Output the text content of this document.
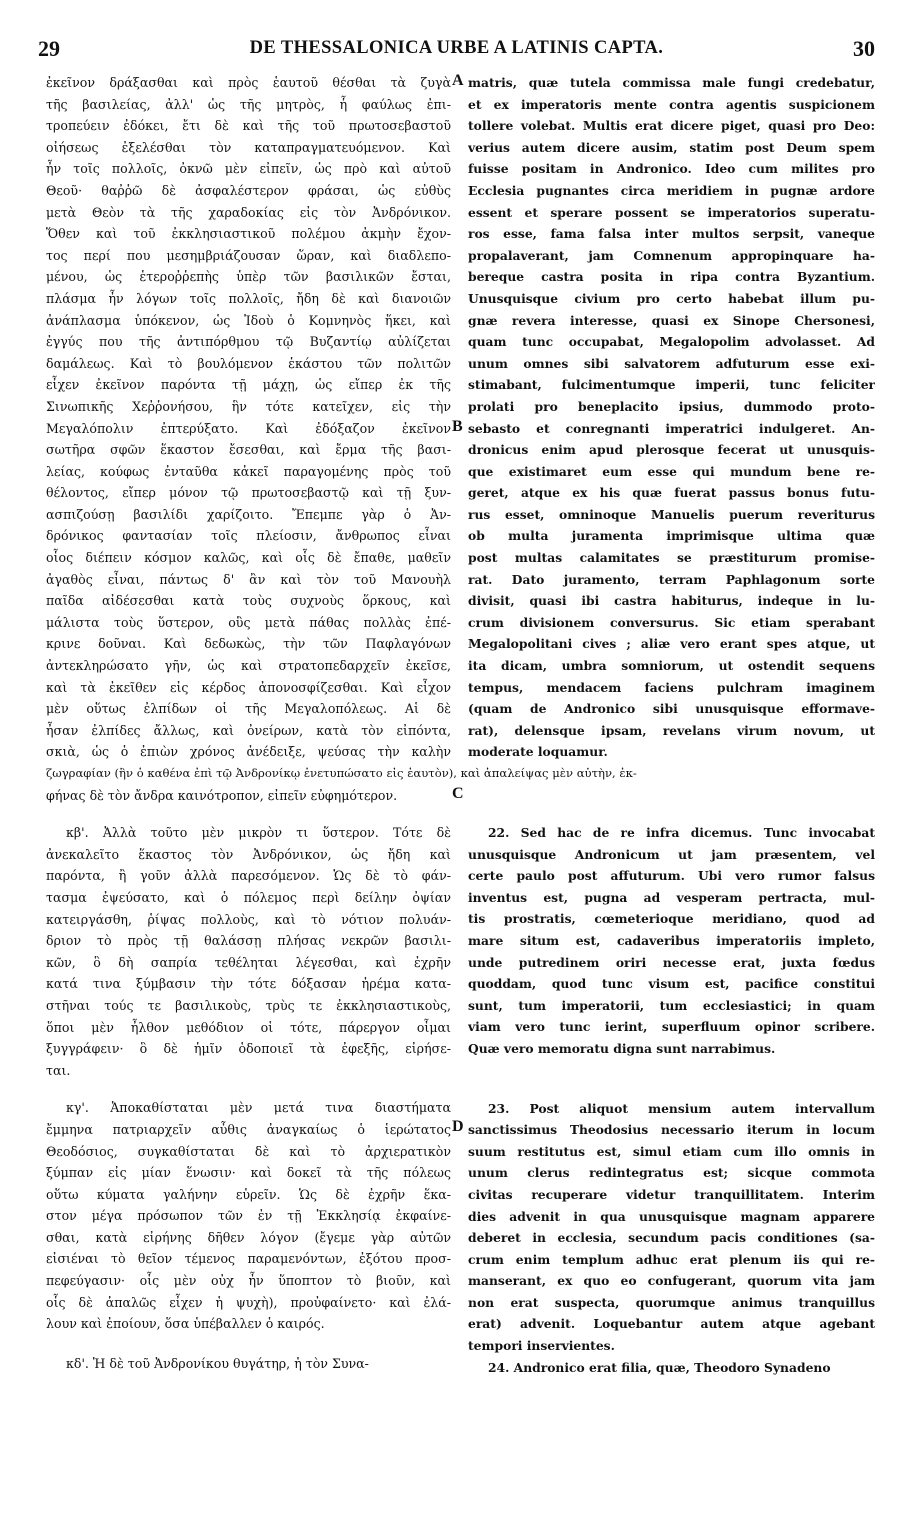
29	DE THESSALONICA URBE A LATINIS CAPTA.	30
ἐκεῖνον δράξασθαι καὶ πρὸς ἑαυτοῦ θέσθαι τὰ ζυγὰ
τῆς βασιλείας, ἀλλ' ὡς τῆς μητρὸς, ἧ φαύλως ἐπι-
τροπεύειν ἐδόκει, ἔτι δὲ καὶ τῆς τοῦ πρωτοσεβαστοῦ
οἰήσεως ἐξελέσθαι τὸν καταπραγματευόμενον. Καὶ
ἦν τοῖς πολλοῖς, ὀκνῶ μὲν εἰπεῖν, ὡς πρὸ καὶ αὐτοῦ
Θεοῦ· θαῤῥῶ δὲ ἀσφαλέστερον φράσαι, ὡς εὐθὺς
μετὰ Θεὸν τὰ τῆς χαραδοκίας εἰς τὸν Ἀνδρόνικον.
Ὅθεν καὶ τοῦ ἐκκλησιαστικοῦ πολέμου ἀκμὴν ἔχον-
τος περί που μεσημβριάζουσαν ὥραν, καὶ διαδλεπο-
μένου, ὡς ἑτεροῤῥεπὴς ὑπὲρ τῶν βασιλικῶν ἔσται,
πλάσμα ἦν λόγων τοῖς πολλοῖς, ἤδη δὲ καὶ διανοιῶν
ἀνάπλασμα ὑπόκενον, ὡς Ἰδοὺ ὁ Κομνηνὸς ἥκει, καὶ
ἐγγύς που τῆς ἀντιπόρθμου τῷ Βυζαντίῳ αὐλίζεται
δαμάλεως. Καὶ τὸ βουλόμενον ἑκάστου τῶν πολιτῶν
εἶχεν ἐκεῖνον παρόντα τῇ μάχῃ, ὡς εἴπερ ἐκ τῆς
Σινωπικῆς Χεῤῥονήσου, ἣν τότε κατεῖχεν, εἰς τὴν
Μεγαλόπολιν ἐπτερύξατο. Καὶ ἐδόξαζον ἐκεῖνον
σωτῆρα σφῶν ἕκαστον ἔσεσθαι, καὶ ἔρμα τῆς βασι-
λείας, κούφως ἐνταῦθα κἀκεῖ παραγομένης πρὸς τοῦ
θέλοντος, εἴπερ μόνον τῷ πρωτοσεβαστῷ καὶ τῇ ξυν-
ασπιζούσῃ βασιλίδι χαρίζοιτο. Ἔπεμπε γὰρ ὁ Ἀν-
δρόνικος φαντασίαν τοῖς πλείοσιν, ἄνθρωπος εἶναι
οἷος διέπειν κόσμον καλῶς, καὶ οἷς δὲ ἔπαθε, μαθεῖν
ἀγαθὸς εἶναι, πάντως δ' ἂν καὶ τὸν τοῦ Μανουὴλ
παῖδα αἰδέσεσθαι κατὰ τοὺς συχνοὺς ὅρκους, καὶ
μάλιστα τοὺς ὕστερον, οὓς μετὰ πάθας πολλὰς ἐπέ-
κρινε δοῦναι. Καὶ δεδωκὼς, τὴν τῶν Παφλαγόνων
ἀντεκληρώσατο γῆν, ὡς καὶ στρατοπεδαρχεῖν ἐκεῖσε,
καὶ τὰ ἐκεῖθεν εἰς κέρδος ἀπονοσφίζεσθαι. Καὶ εἶχον
μὲν οὕτως ἐλπίδων οἱ τῆς Μεγαλοπόλεως. Αἱ δὲ
ἦσαν ἐλπίδες ἄλλως, καὶ ὀνείρων, κατὰ τὸν εἰπόντα,
σκιὰ, ὡς ὁ ἐπιὼν χρόνος ἀνέδειξε, ψεύσας τὴν καλὴν
ζωγραφίαν (ἣν ὁ καθένα ἐπὶ τῷ Ἀνδρονίκῳ ἐνετυπώσατο εἰς ἑαυτὸν), καὶ ἀπαλείψας μὲν αὐτὴν, ἐκ-
φήνας δὲ τὸν ἄνδρα καινότροπον, εἰπεῖν εὐφημότερον.
κβ'. Ἀλλὰ τοῦτο μὲν μικρὸν τι ὕστερον. Τότε δὲ
ἀνεκαλεῖτο ἕκαστος τὸν Ἀνδρόνικον, ὡς ἤδη καὶ
παρόντα, ἢ γοῦν ἀλλὰ παρεσόμενον. Ὡς δὲ τὸ φάν-
τασμα ἐψεύσατο, καὶ ὁ πόλεμος περὶ δείλην ὀψίαν
κατειργάσθη, ῥίψας πολλοὺς, καὶ τὸ νότιον πολυάν-
δριον τὸ πρὸς τῇ θαλάσσῃ πλήσας νεκρῶν βασιλι-
κῶν, ὃ δὴ σαπρία τεθέληται λέγεσθαι, καὶ ἐχρῆν
κατά τινα ξύμβασιν τὴν τότε δόξασαν ἠρέμα κατα-
στῆναι τούς τε βασιλικοὺς, τρὺς τε ἐκκλησιαστικοὺς,
ὅποι μὲν ἦλθον μεθόδιον οἱ τότε, πάρεργον οἶμαι
ξυγγράφειν· ὃ δὲ ἡμῖν ὁδοποιεῖ τὰ ἐφεξῆς, εἰρήσε-
ται.
κγ'. Ἀποκαθίσταται μὲν μετά τινα διαστήματα
ἔμμηνα πατριαρχεῖν αὖθις ἀναγκαίως ὁ ἱερώτατος
Θεοδόσιος, συγκαθίσταται δὲ καὶ τὸ ἀρχιερατικὸν
ξύμπαν εἰς μίαν ἕνωσιν· καὶ δοκεῖ τὰ τῆς πόλεως
οὕτω κύματα γαλήνην εὑρεῖν. Ὡς δὲ ἐχρῆν ἕκα-
στον μέγα πρόσωπον τῶν ἐν τῇ Ἐκκλησίᾳ ἐκφαίνε-
σθαι, κατὰ εἰρήνης δῆθεν λόγον (ἔγεμε γὰρ αὐτῶν
εἰσιέναι τὸ θεῖον τέμενος παραμενόντων, ἐξότου προσ-
πεφεύγασιν· οἷς μὲν οὐχ ἦν ὕποπτον τὸ βιοῦν, καὶ
οἷς δὲ ἀπαλῶς εἶχεν ἡ ψυχὴ), προὐφαίνετο· καὶ ἐλά-
λουν καὶ ἐποίουν, ὅσα ὑπέβαλλεν ὁ καιρός.
κδ'. Ἡ δὲ τοῦ Ἀνδρονίκου θυγάτηρ, ἡ τὸν Συνα-
matris, quæ tutela commissa male fungi credebatur,
et ex imperatoris mente contra agentis suspicionem
tollere volebat. Multis erat dicere piget, quasi pro Deo:
verius autem dicere ausim, statim post Deum spem
fuisse positam in Andronico. Ideo cum milites pro
Ecclesia pugnantes circa meridiem in pugnæ ardore
essent et sperare possent se imperatorios superatu-
ros esse, fama falsa inter multos serpsit, vaneque
propalaverant, jam Comnenum appropinquare ha-
bereque castra posita in ripa contra Byzantium.
Unusquisque civium pro certo habebat illum pu-
gnæ revera interesse, quasi ex Sinope Chersonesi,
quam tunc occupabat, Megalopolim advolasset. Ad
unum omnes sibi salvatorem adfuturum esse exi-
stimabant, fulcimentumque imperii, tunc feliciter
prolati pro beneplacito ipsius, dummodo proto-
sebasto et conregnanti imperatrici indulgeret. An-
dronicus enim apud plerosque fecerat ut unusquis-
que existimaret eum esse qui mundum bene re-
geret, atque ex his quæ fuerat passus bonus futu-
rus esset, omninoque Manuelis puerum reveriturus
ob multa juramenta imprimisque ultima quæ
post multas calamitates se præstiturum promise-
rat. Dato juramento, terram Paphlagonum sorte
divisit, quasi ibi castra habiturus, indeque in lu-
crum divisionem conversurus. Sic etiam sperabant
Megalopolitani cives ; aliæ vero erant spes atque, ut
ita dicam, umbra somniorum, ut ostendit sequens
tempus, mendacem faciens pulchram imaginem
(quam de Andronico sibi unusquisque efformave-
rat), delensque ipsam, revelans virum novum, ut
moderate loquamur.
22. Sed hac de re infra dicemus. Tunc invocabat
unusquisque Andronicum ut jam præsentem, vel
certe paulo post affuturum. Ubi vero rumor falsus
inventus est, pugna ad vesperam pertracta, mul-
tis prostratis, cœmeterioque meridiano, quod ad
mare situm est, cadaveribus imperatoriis impleto,
unde putredinem oriri necesse erat, juxta fœdus
quoddam, quod tunc visum est, pacifice constitui
sunt, tum imperatorii, tum ecclesiastici; in quam
viam vero tunc ierint, superfluum opinor scribere.
Quæ vero memoratu digna sunt narrabimus.
23. Post aliquot mensium autem intervallum
sanctissimus Theodosius necessario iterum in locum
suum restitutus est, simul etiam cum illo omnis in
unum clerus redintegratus est; sicque commota
civitas recuperare videtur tranquillitatem. Interim
dies advenit in qua unusquisque magnam apparere
deberet in ecclesia, secundum pacis conditiones (sa-
crum enim templum adhuc erat plenum iis qui re-
manserant, ex quo eo confugerant, quorum vita jam
non erat suspecta, quorumque animus tranquillus
erat) advenit. Loquebantur autem atque agebant
tempori inservientes.
24. Andronico erat filia, quæ, Theodoro Synadeno
A
B
C
D
